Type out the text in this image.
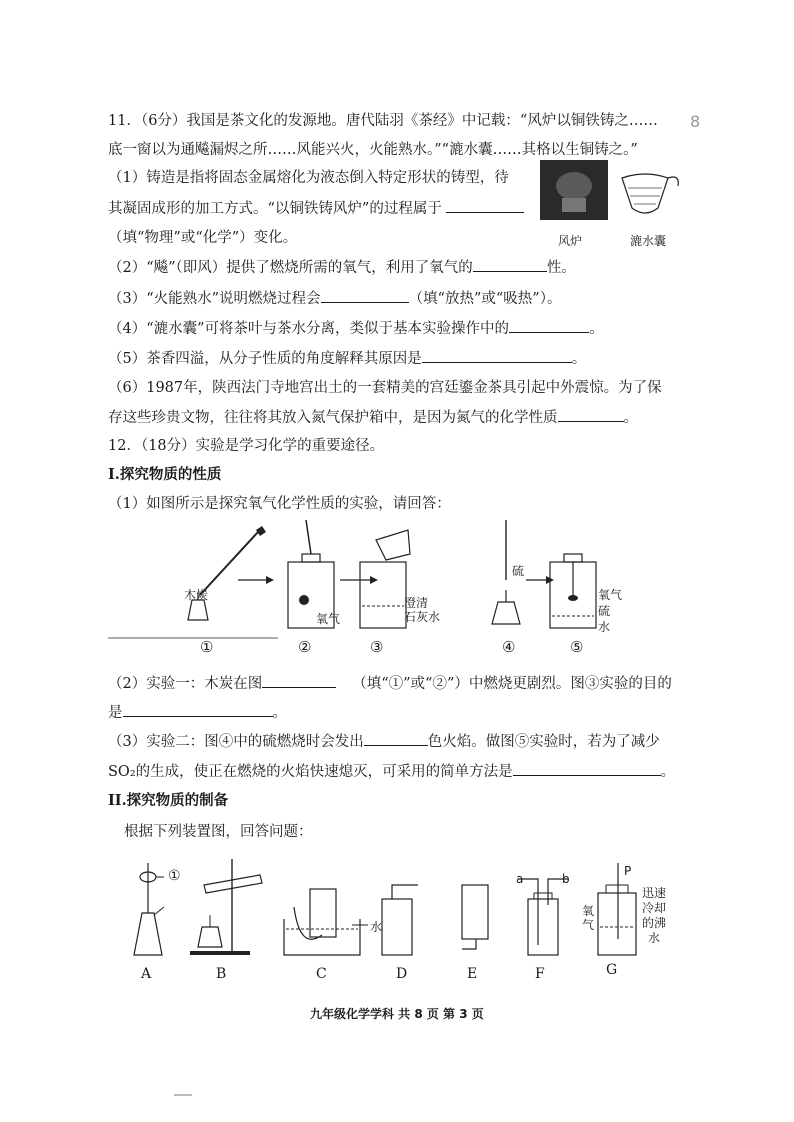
8
11．（6分）我国是茶文化的发源地。唐代陆羽《茶经》中记载：“风炉以铜铁铸之……
底一窗以为通飚漏烬之所……风能兴火，火能熟水。”“漉水囊……其格以生铜铸之。”
（1）铸造是指将固态金属熔化为液态倒入特定形状的铸型，待
其凝固成形的加工方式。“以铜铁铸风炉”的过程属于
（填“物理”或“化学”）变化。	风炉	漉水囊
（2）“飚”（即风）提供了燃烧所需的氧气，利用了氧气的	性。
（3）“火能熟水”说明燃烧过程会	（填“放热”或“吸热”）。
（4）“漉水囊”可将茶叶与茶水分离，类似于基本实验操作中的	。
（5）茶香四溢，从分子性质的角度解释其原因是	。
（6）1987年，陕西法门寺地宫出土的一套精美的宫廷鎏金茶具引起中外震惊。为了保
存这些珍贵文物，往往将其放入氮气保护箱中，是因为氮气的化学性质	。
12．（18分）实验是学习化学的重要途径。
I.探究物质的性质
（1）如图所示是探究氧气化学性质的实验，请回答：
木炭
氧气
澄清
石灰水
硫
氧气
硫
水
①	②	③	④	⑤
（2）实验一：木炭在图	（填“①”或“②”）中燃烧更剧烈。图③实验的目的
是	。
（3）实验二：图④中的硫燃烧时会发出	色火焰。做图⑤实验时，若为了减少
SO₂的生成，使正在燃烧的火焰快速熄灭，可采用的简单方法是	。
II.探究物质的制备
根据下列装置图，回答问题：
①
水
a	b
P
氧
气
迅速
冷却
的沸
水
A	B	C	D	E	F	G
九年级化学学科 共 8 页 第 3 页
